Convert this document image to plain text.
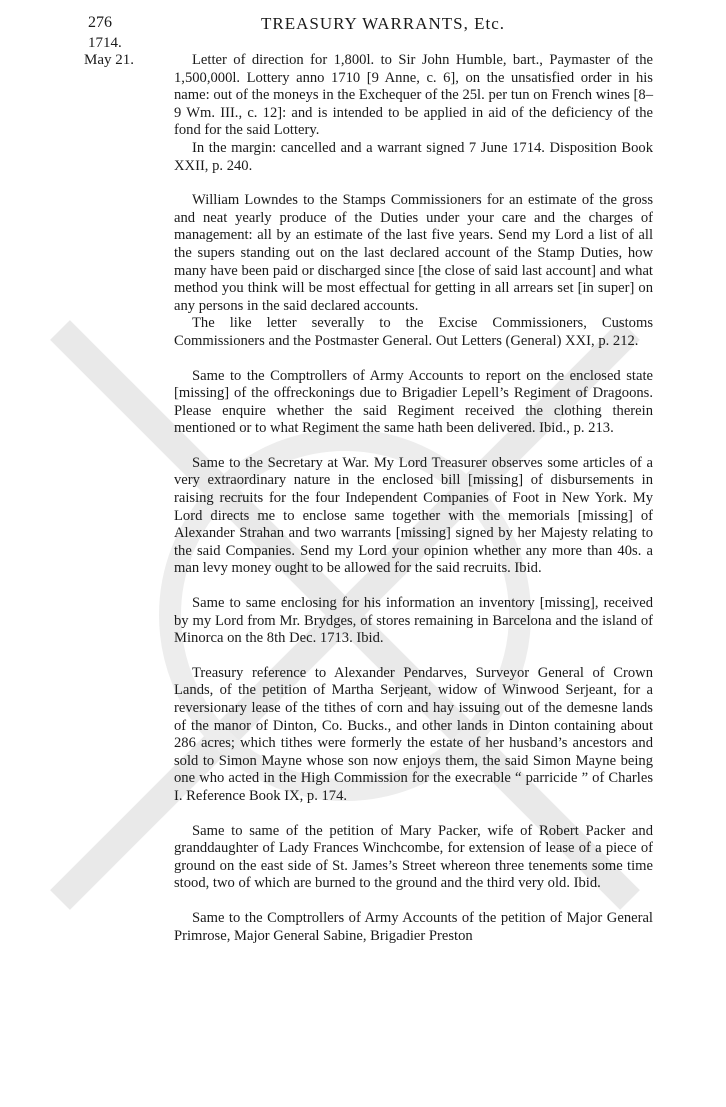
276	TREASURY WARRANTS, Etc.
1714.
May 21.	Letter of direction for 1,800l. to Sir John Humble, bart., Paymaster of the 1,500,000l. Lottery anno 1710 [9 Anne, c. 6], on the unsatisfied order in his name: out of the moneys in the Exchequer of the 25l. per tun on French wines [8–9 Wm. III., c. 12]: and is intended to be applied in aid of the deficiency of the fond for the said Lottery.

In the margin: cancelled and a warrant signed 7 June 1714. Disposition Book XXII, p. 240.

William Lowndes to the Stamps Commissioners for an estimate of the gross and neat yearly produce of the Duties under your care and the charges of management: all by an estimate of the last five years. Send my Lord a list of all the supers standing out on the last declared account of the Stamp Duties, how many have been paid or discharged since [the close of said last account] and what method you think will be most effectual for getting in all arrears set [in super] on any persons in the said declared accounts.

The like letter severally to the Excise Commissioners, Customs Commissioners and the Postmaster General. Out Letters (General) XXI, p. 212.

Same to the Comptrollers of Army Accounts to report on the enclosed state [missing] of the offreckonings due to Brigadier Lepell’s Regiment of Dragoons. Please enquire whether the said Regiment received the clothing therein mentioned or to what Regiment the same hath been delivered. Ibid., p. 213.

Same to the Secretary at War. My Lord Treasurer observes some articles of a very extraordinary nature in the enclosed bill [missing] of disbursements in raising recruits for the four Independent Companies of Foot in New York. My Lord directs me to enclose same together with the memorials [missing] of Alexander Strahan and two warrants [missing] signed by her Majesty relating to the said Companies. Send my Lord your opinion whether any more than 40s. a man levy money ought to be allowed for the said recruits. Ibid.

Same to same enclosing for his information an inventory [missing], received by my Lord from Mr. Brydges, of stores remaining in Barcelona and the island of Minorca on the 8th Dec. 1713. Ibid.

Treasury reference to Alexander Pendarves, Surveyor General of Crown Lands, of the petition of Martha Serjeant, widow of Winwood Serjeant, for a reversionary lease of the tithes of corn and hay issuing out of the demesne lands of the manor of Dinton, Co. Bucks., and other lands in Dinton containing about 286 acres; which tithes were formerly the estate of her husband’s ancestors and sold to Simon Mayne whose son now enjoys them, the said Simon Mayne being one who acted in the High Commission for the execrable “ parricide ” of Charles I. Reference Book IX, p. 174.

Same to same of the petition of Mary Packer, wife of Robert Packer and granddaughter of Lady Frances Winchcombe, for extension of lease of a piece of ground on the east side of St. James’s Street whereon three tenements some time stood, two of which are burned to the ground and the third very old. Ibid.

Same to the Comptrollers of Army Accounts of the petition of Major General Primrose, Major General Sabine, Brigadier Preston
